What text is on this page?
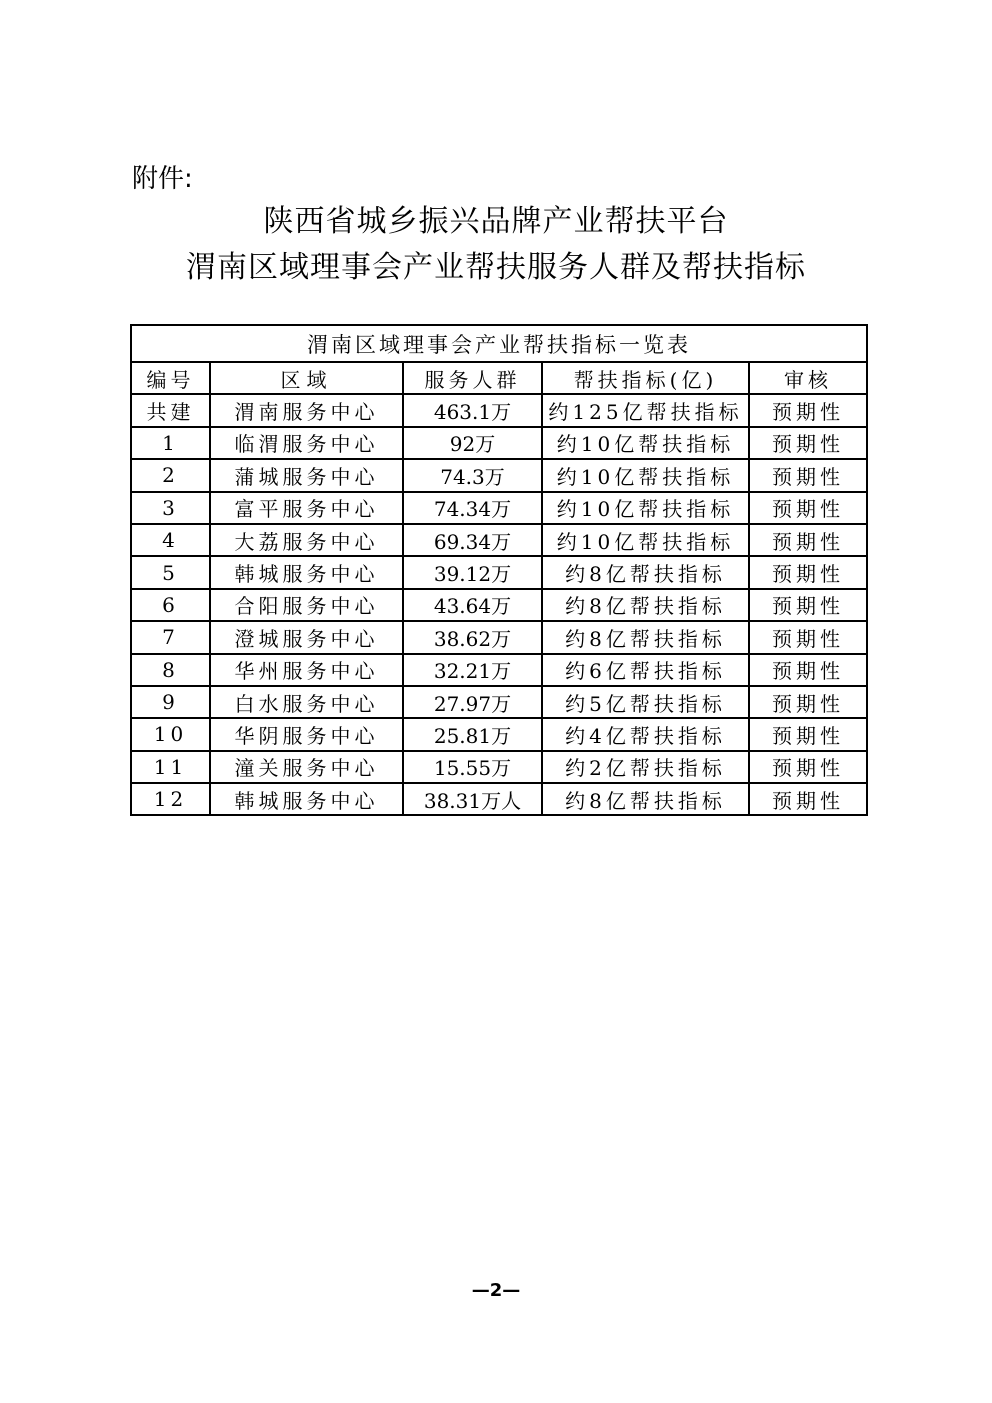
附件:
陕西省城乡振兴品牌产业帮扶平台
渭南区域理事会产业帮扶服务人群及帮扶指标
渭南区域理事会产业帮扶指标一览表				
编号	区域	服务人群	帮扶指标(亿)	审核
共建	渭南服务中心	463.1万	约125亿帮扶指标	预期性
1	临渭服务中心	92万	约10亿帮扶指标	预期性
2	蒲城服务中心	74.3万	约10亿帮扶指标	预期性
3	富平服务中心	74.34万	约10亿帮扶指标	预期性
4	大荔服务中心	69.34万	约10亿帮扶指标	预期性
5	韩城服务中心	39.12万	约8亿帮扶指标	预期性
6	合阳服务中心	43.64万	约8亿帮扶指标	预期性
7	澄城服务中心	38.62万	约8亿帮扶指标	预期性
8	华州服务中心	32.21万	约6亿帮扶指标	预期性
9	白水服务中心	27.97万	约5亿帮扶指标	预期性
10	华阴服务中心	25.81万	约4亿帮扶指标	预期性
11	潼关服务中心	15.55万	约2亿帮扶指标	预期性
12	韩城服务中心	38.31万人	约8亿帮扶指标	预期性
—2—
